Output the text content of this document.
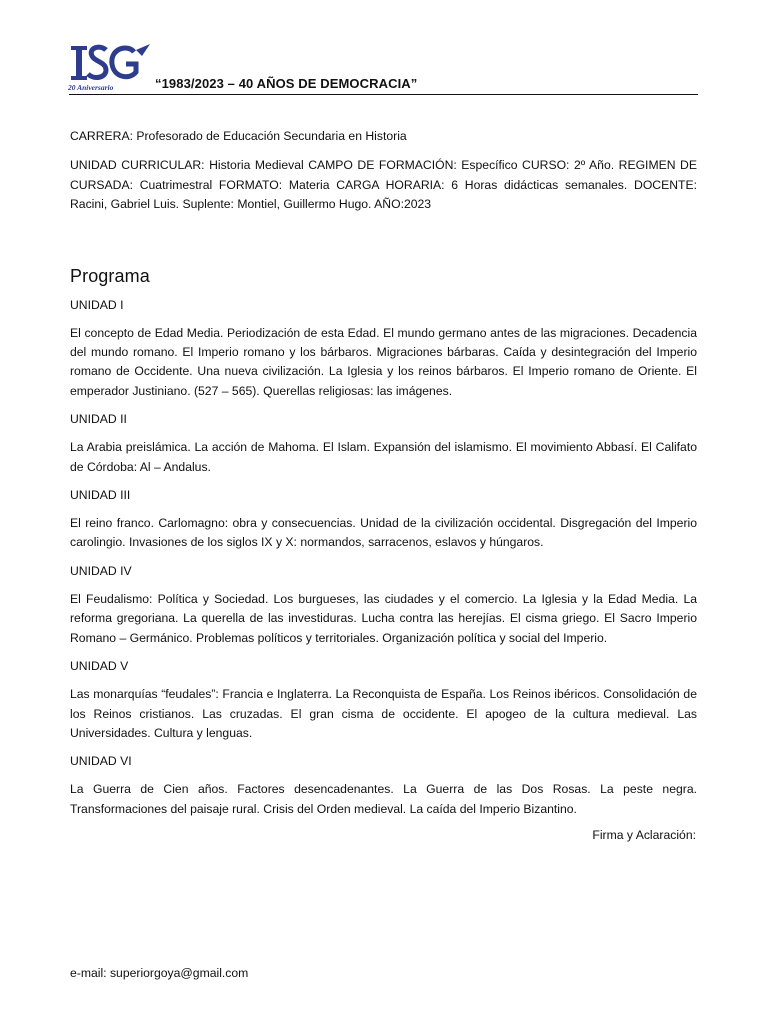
20 Aniversario	“1983/2023 – 40 AÑOS DE DEMOCRACIA”

CARRERA: Profesorado de Educación Secundaria en Historia

UNIDAD CURRICULAR: Historia Medieval CAMPO DE FORMACIÓN: Específico CURSO: 2º Año. REGIMEN DE CURSADA: Cuatrimestral FORMATO: Materia CARGA HORARIA: 6 Horas didácticas semanales. DOCENTE: Racini, Gabriel Luis. Suplente: Montiel, Guillermo Hugo. AÑO:2023

Programa

UNIDAD I

El concepto de Edad Media. Periodización de esta Edad. El mundo germano antes de las migraciones. Decadencia del mundo romano. El Imperio romano y los bárbaros. Migraciones bárbaras. Caída y desintegración del Imperio romano de Occidente. Una nueva civilización. La Iglesia y los reinos bárbaros. El Imperio romano de Oriente. El emperador Justiniano. (527 – 565). Querellas religiosas: las imágenes.

UNIDAD II

La Arabia preislámica. La acción de Mahoma. El Islam. Expansión del islamismo. El movimiento Abbasí. El Califato de Córdoba: Al – Andalus.

UNIDAD III

El reino franco. Carlomagno: obra y consecuencias. Unidad de la civilización occidental. Disgregación del Imperio carolingio. Invasiones de los siglos IX y X: normandos, sarracenos, eslavos y húngaros.

UNIDAD IV

El Feudalismo: Política y Sociedad. Los burgueses, las ciudades y el comercio. La Iglesia y la Edad Media. La reforma gregoriana. La querella de las investiduras. Lucha contra las herejías. El cisma griego. El Sacro Imperio Romano – Germánico. Problemas políticos y territoriales. Organización política y social del Imperio.

UNIDAD V

Las monarquías “feudales”: Francia e Inglaterra. La Reconquista de España. Los Reinos ibéricos. Consolidación de los Reinos cristianos. Las cruzadas. El gran cisma de occidente. El apogeo de la cultura medieval. Las Universidades. Cultura y lenguas.

UNIDAD VI

La Guerra de Cien años. Factores desencadenantes. La Guerra de las Dos Rosas. La peste negra. Transformaciones del paisaje rural. Crisis del Orden medieval. La caída del Imperio Bizantino.

Firma y Aclaración:
e-mail: superiorgoya@gmail.com
